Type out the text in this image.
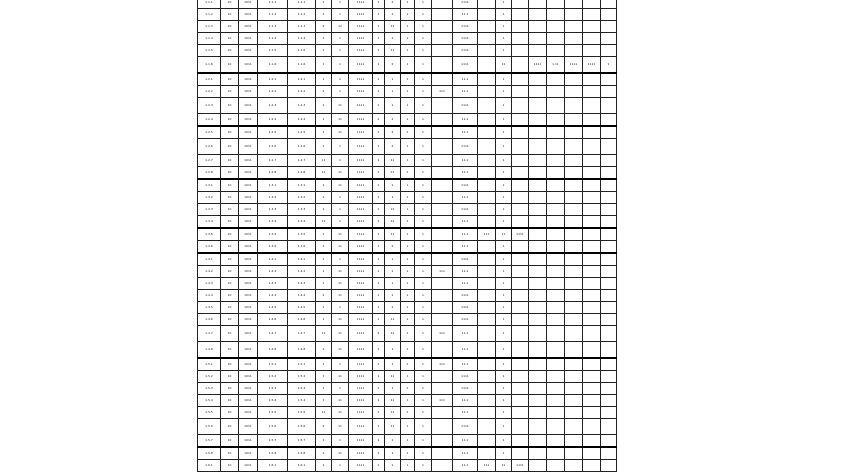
1.1.1	10	1011	1.1.1	1.1.1	1	1	1111	1	2	1	1		1111		1						
1.1.2	10	1011	1.1.2	1.1.2	1	1	1111	1	1	1	1		11.1		1						
1.1.3	10	1011	1.1.3	1.1.3	2	12	1111	1	12	1	1		1111		1						
1.1.4	10	1011	1.1.4	1.1.4	1	1	1111	1	1	1	1		1111		1						
1.1.5	10	1011	1.1.5	1.1.5	1	1	1111	1	11	1	1		1111		1						
1.1.6	10	1011	1.1.6	1.1.6	1	1	1111	1	2	1	1		1111		11		1111	1.11	1111	1111	1
1.2.1	10	1011	1.2.1	1.2.1	1	1	1111	1	1	1	1		11.1		1						
1.2.2	10	1011	1.2.2	1.2.2	2	1	1111	1	1	1	1	111	11.1		1						
1.2.3	10	1011	1.2.3	1.2.3	1	11	1111	1	1	1	1		1111		1						
1.2.4	10	1011	1.2.4	1.2.4	1	11	1111	2	2	1	1		11.1		1						
1.2.5	10	1011	1.2.5	1.2.5	1	11	1111	1	2	1	1		11.1		1						
1.2.6	10	1011	1.2.6	1.2.6	1	1	1111	1	2	1	1		1111		1						
1.2.7	10	1011	1.2.7	1.2.7	11	1	1111	1	11	1	1		11.1		1						
1.2.8	10	1011	1.2.8	1.2.8	11	11	1111	1	21	1	1		11.1		1						
1.3.1	10	1011	1.3.1	1.3.1	1	11	1111	1	1	1	1		1111		1						
1.3.2	10	1011	1.3.2	1.3.2	1	1	1111	1	1	1	1		11.1		1						
1.3.3	10	1011	1.3.3	1.3.3	1	1	1111	1	21	1	1		1111		1						
1.3.4	10	1011	1.3.4	1.3.4	11	1	1111	1	11	1	1		11.1		1						
1.3.5	10	1011	1.3.5	1.3.5	1	11	1111	1	11	1	1		11.1	111	11	1111					
1.3.6	10	1011	1.3.6	1.3.6	1	11	1111	1	2	1	1		11.1		1						
1.4.1	10	1011	1.4.1	1.4.1	1	1	1111	1	1	1	1		1111		1						
1.4.2	10	1011	1.4.2	1.4.2	1	11	1111	1	1	1	1	111	11.1		1						
1.4.3	10	1011	1.4.3	1.4.3	1	11	1111	1	1	1	1		11.1		1						
1.4.4	10	1011	1.4.4	1.4.4	2	11	1111	1	1	1	1		1111		1						
1.4.5	10	1011	1.4.5	1.4.5	1	1	1111	1	2	1	1		1111		1						
1.4.6	10	1011	1.4.6	1.4.6	1	11	1111	1	11	1	1		1111		1						
1.4.7	10	1011	1.4.7	1.4.7	11	11	1111	2	11	1	1	111	11.1		1						
1.4.8	10	1011	1.4.8	1.4.8	1	11	1111	1	1	1	1		11.1		1						
1.5.1	10	1011	1.5.1	1.5.1	1	1	1111	1	1	1	1	111	11.1		1						
1.5.2	10	1011	1.5.2	1.5.2	1	11	1111	1	11	1	1		1111		1						
1.5.3	10	1011	1.5.3	1.5.3	1	1	1111	1	1	1	1		1111		1						
1.5.4	10	1011	1.5.4	1.5.4	1	11	1111	1	11	1	1	111	11.1		1						
1.5.5	10	1011	1.5.5	1.5.5	11	11	1111	1	12	1	1		11.1		1						
1.5.6	10	1011	1.5.6	1.5.6	2	11	1111	1	11	1	1		1111		1						
1.5.7	10	1011	1.5.7	1.5.7	1	1	1111	1	1	1	1		11.1		1						
1.5.8	10	1011	1.5.8	1.5.8	1	11	1111	1	1	1	1		11.1		1						
1.6.1	10	1011	1.6.1	1.6.1	1	1	1111	1	1	1	1		11.1	111	11	1111					
